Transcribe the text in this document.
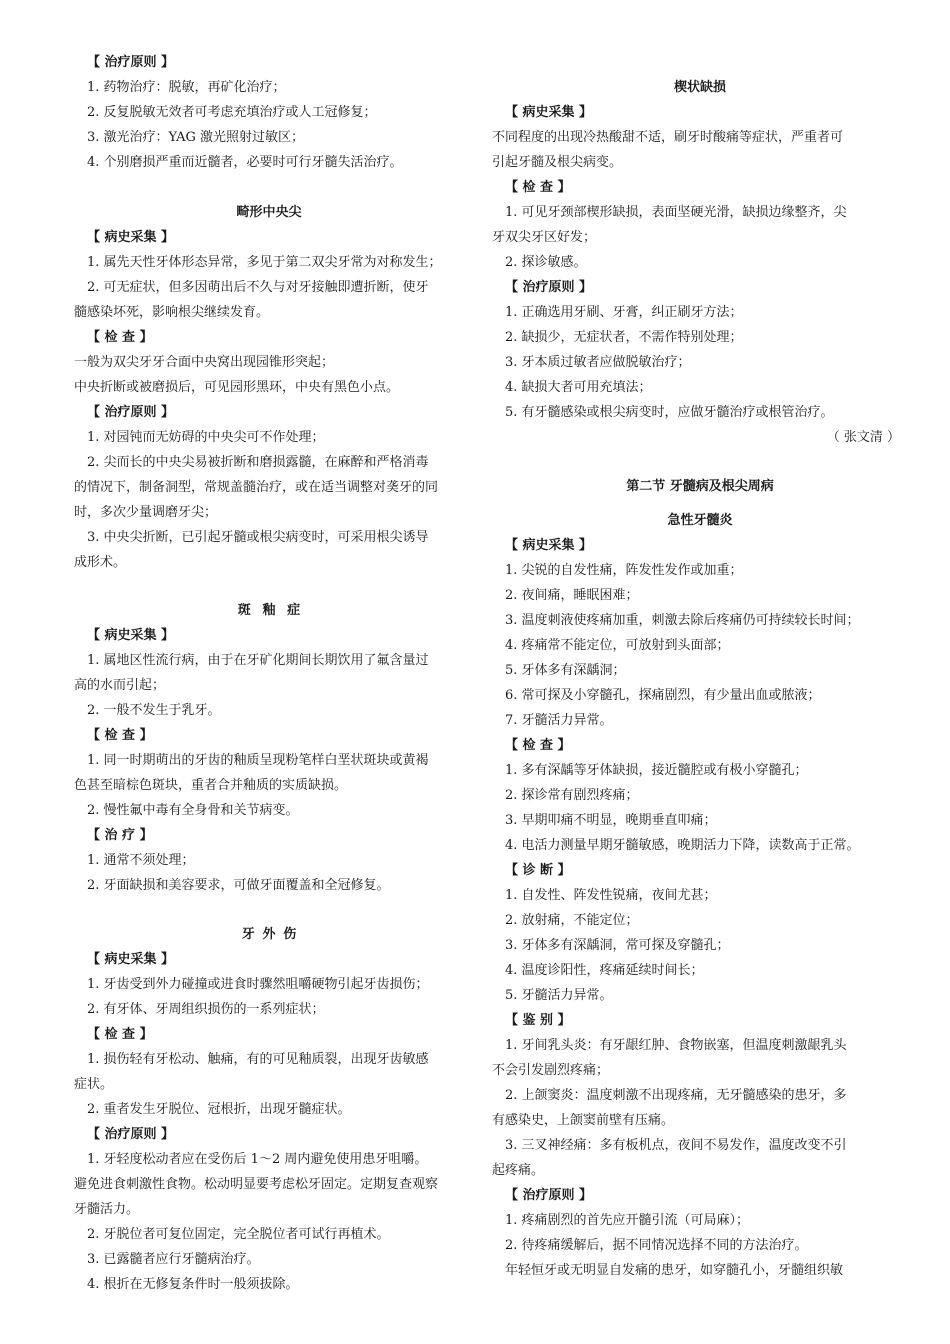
【 治疗原则 】
1. 药物治疗：脱敏，再矿化治疗；
2. 反复脱敏无效者可考虑充填治疗或人工冠修复；
3. 激光治疗：YAG 激光照射过敏区；
4. 个别磨损严重而近髓者，必要时可行牙髓失活治疗。
畸形中央尖
【 病史采集 】
1. 属先天性牙体形态异常，多见于第二双尖牙常为对称发生；
2. 可无症状，但多因萌出后不久与对牙接触即遭折断，使牙
髓感染坏死，影响根尖继续发育。
【 检 查 】
一般为双尖牙牙合面中央窝出现园锥形突起；
中央折断或被磨损后，可见园形黑环，中央有黑色小点。
【 治疗原则 】
1. 对园钝而无妨碍的中央尖可不作处理；
2. 尖而长的中央尖易被折断和磨损露髓，在麻醉和严格消毒
的情况下，制备洞型，常规盖髓治疗，或在适当调整对​䶮牙的同
时，多次少量调磨牙尖；
3. 中央尖折断，已引起牙髓或根尖病变时，可采用根尖诱导
成形术。
斑釉症
【 病史采集 】
1. 属地区性流行病，由于在牙矿化期间长期饮用了氟含量过
高的水而引起；
2. 一般不发生于乳牙。
【 检 查 】
1. 同一时期萌出的牙齿的釉质呈现粉笔样白垩状斑块或黄褐
色甚至暗棕色斑块，重者合并釉质的实质缺损。
2. 慢性氟中毒有全身骨和关节病变。
【 治 疗 】
1. 通常不须处理；
2. 牙面缺损和美容要求，可做牙面覆盖和全冠修复。
牙外伤
【 病史采集 】
1. 牙齿受到外力碰撞或进食时骤然咀嚼硬物引起牙齿损伤；
2. 有牙体、牙周组织损伤的一系列症状；
【 检 查 】
1. 损伤轻有牙松动、触痛，有的可见釉质裂，出现牙齿敏感
症状。
2. 重者发生牙脱位、冠根折，出现牙髓症状。
【 治疗原则 】
1. 牙轻度松动者应在受伤后 1～2 周内避免使用患牙咀嚼。
避免进食刺激性食物。松动明显要考虑松牙固定。定期复查观察
牙髓活力。
2. 牙脱位者可复位固定，完全脱位者可试行再植术。
3. 已露髓者应行牙髓病治疗。
4. 根折在无修复条件时一般须拔除。
楔状缺损
【 病史采集 】
不同程度的出现冷热酸甜不适，刷牙时酸痛等症状，严重者可
引起牙髓及根尖病变。
【 检 查 】
1. 可见牙颈部楔形缺损，表面坚硬光滑，缺损边缘整齐，尖
牙双尖牙区好发；
2. 探诊敏感。
【 治疗原则 】
1. 正确选用牙刷、牙膏，纠正刷牙方法；
2. 缺损少，无症状者，不需作特别处理；
3. 牙本质过敏者应做脱敏治疗；
4. 缺损大者可用充填法；
5. 有牙髓感染或根尖病变时，应做牙髓治疗或根管治疗。
（ 张文清 ）
第二节 牙髓病及根尖周病
急性牙髓炎
【 病史采集 】
1. 尖锐的自发性痛，阵发性发作或加重；
2. 夜间痛，睡眠困难；
3. 温度刺液使疼痛加重，刺激去除后疼痛仍可持续较长时间；
4. 疼痛常不能定位，可放射到头面部；
5. 牙体多有深龋洞；
6. 常可探及小穿髓孔，探痛剧烈，有少量出血或脓液；
7. 牙髓活力异常。
【 检 查 】
1. 多有深龋等牙体缺损，接近髓腔或有极小穿髓孔；
2. 探诊常有剧烈疼痛；
3. 早期叩痛不明显，晚期垂直叩痛；
4. 电活力测量早期牙髓敏感，晚期活力下降，读数高于正常。
【 诊 断 】
1. 自发性、阵发性锐痛，夜间尤甚；
2. 放射痛，不能定位；
3. 牙体多有深龋洞，常可探及穿髓孔；
4. 温度诊阳性，疼痛延续时间长；
5. 牙髓活力异常。
【 鉴 别 】
1. 牙间乳头炎：有牙龈红肿、食物嵌塞，但温度刺激龈乳头
不会引发剧烈疼痛；
2. 上颌窦炎：温度刺激不出现疼痛，无牙髓感染的患牙，多
有感染史，上颌窦前壁有压痛。
3. 三叉神经痛：多有板机点，夜间不易发作，温度改变不引
起疼痛。
【 治疗原则 】
1. 疼痛剧烈的首先应开髓引流（可局麻）；
2. 待疼痛缓解后，据不同情况选择不同的方法治疗。
年轻恒牙或无明显自发痛的患牙，如穿髓孔小，牙髓组织敏
